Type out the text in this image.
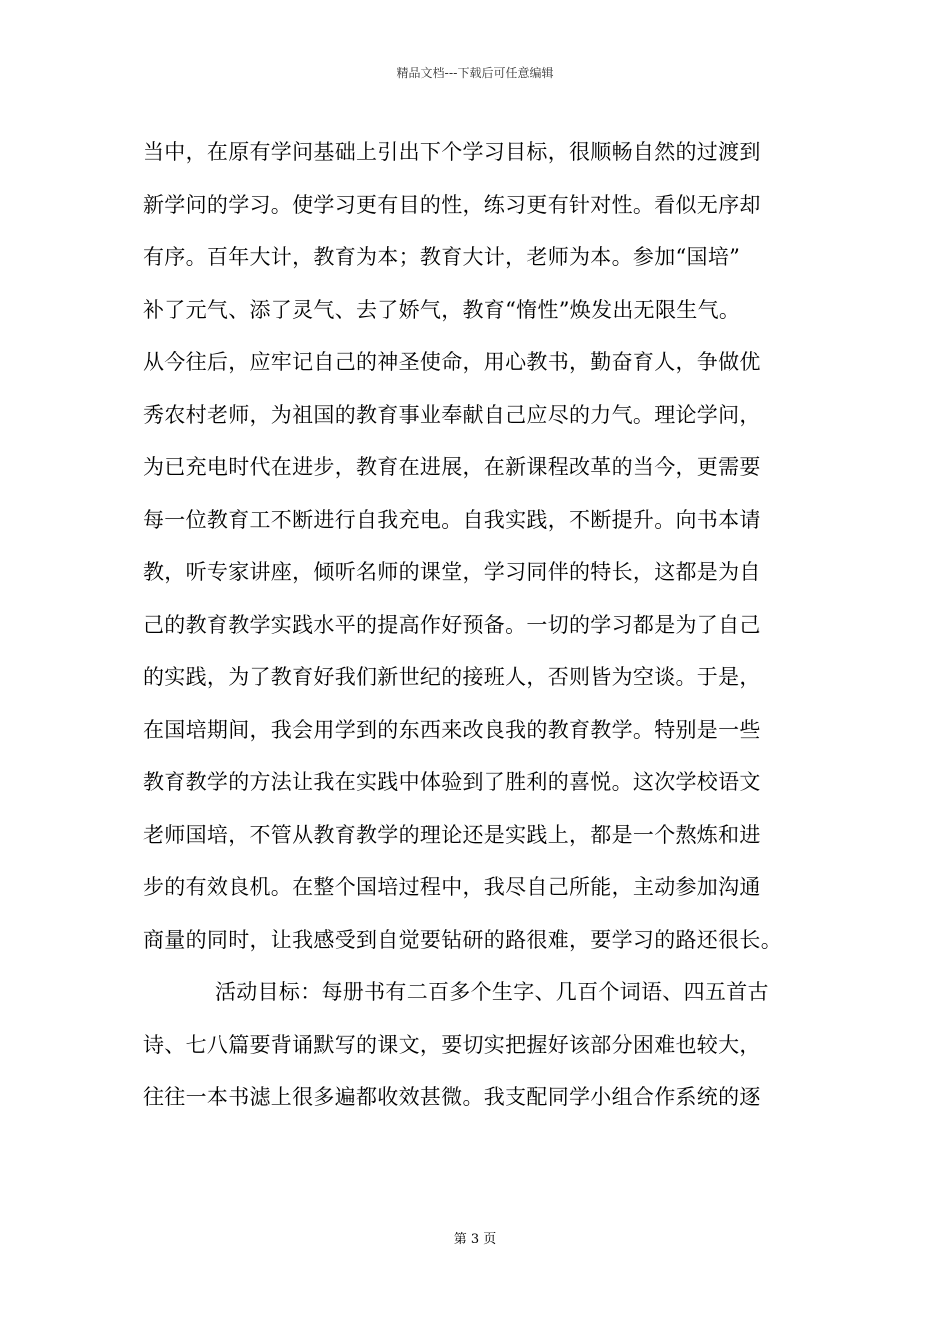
精品文档---下载后可任意编辑
当中，在原有学问基础上引出下个学习目标，很顺畅自然的过渡到
新学问的学习。使学习更有目的性，练习更有针对性。看似无序却
有序。百年大计，教育为本；教育大计，老师为本。参加“国培”
补了元气、添了灵气、去了娇气，教育“惰性”焕发出无限生气。
从今往后，应牢记自己的神圣使命，用心教书，勤奋育人，争做优
秀农村老师，为祖国的教育事业奉献自己应尽的力气。理论学问，
为已充电时代在进步，教育在进展，在新课程改革的当今，更需要
每一位教育工不断进行自我充电。自我实践，不断提升。向书本请
教，听专家讲座，倾听名师的课堂，学习同伴的特长，这都是为自
己的教育教学实践水平的提高作好预备。一切的学习都是为了自己
的实践，为了教育好我们新世纪的接班人，否则皆为空谈。于是，
在国培期间，我会用学到的东西来改良我的教育教学。特别是一些
教育教学的方法让我在实践中体验到了胜利的喜悦。这次学校语文
老师国培，不管从教育教学的理论还是实践上，都是一个熬炼和进
步的有效良机。在整个国培过程中，我尽自己所能，主动参加沟通
商量的同时，让我感受到自觉要钻研的路很难，要学习的路还很长。
活动目标：每册书有二百多个生字、几百个词语、四五首古
诗、七八篇要背诵默写的课文，要切实把握好该部分困难也较大，
往往一本书滤上很多遍都收效甚微。我支配同学小组合作系统的逐
第 3 页
